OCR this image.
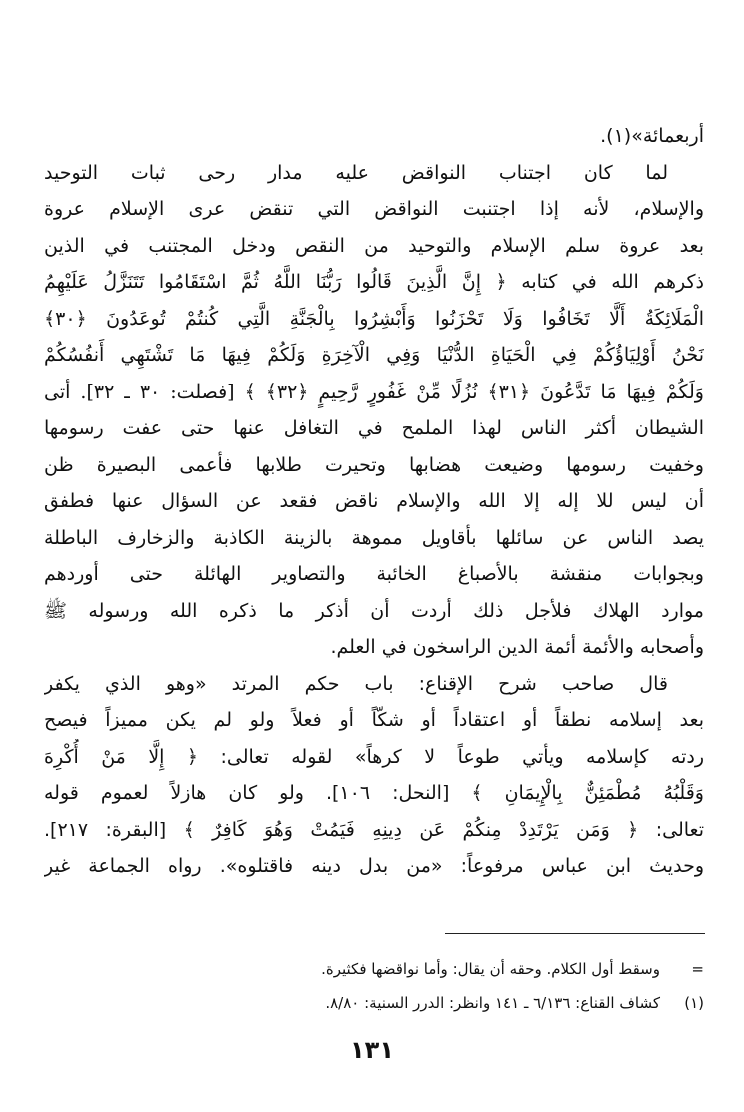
أربعمائة»(١).
لما كان اجتناب النواقض عليه مدار رحى ثبات التوحيد
والإسلام، لأنه إذا اجتنبت النواقض التي تنقض عرى الإسلام عروة
بعد عروة سلم الإسلام والتوحيد من النقص ودخل المجتنب في الذين
ذكرهم الله في كتابه ﴿ إِنَّ الَّذِينَ قَالُوا رَبُّنَا اللَّهُ ثُمَّ اسْتَقَامُوا تَتَنَزَّلُ عَلَيْهِمُ
الْمَلَائِكَةُ أَلَّا تَخَافُوا وَلَا تَحْزَنُوا وَأَبْشِرُوا بِالْجَنَّةِ الَّتِي كُنتُمْ تُوعَدُونَ ﴿٣٠﴾
نَحْنُ أَوْلِيَاؤُكُمْ فِي الْحَيَاةِ الدُّنْيَا وَفِي الْآخِرَةِ وَلَكُمْ فِيهَا مَا تَشْتَهِي أَنفُسُكُمْ
وَلَكُمْ فِيهَا مَا تَدَّعُونَ ﴿٣١﴾ نُزُلًا مِّنْ غَفُورٍ رَّحِيمٍ ﴿٣٢﴾ ﴾ [فصلت: ٣٠ ـ ٣٢]. أتى
الشيطان أكثر الناس لهذا الملمح في التغافل عنها حتى عفت رسومها
وخفيت رسومها وضيعت هضابها وتحيرت طلابها فأعمى البصيرة ظن
أن ليس للا إله إلا الله والإسلام ناقض فقعد عن السؤال عنها فطفق
يصد الناس عن سائلها بأقاويل مموهة بالزينة الكاذبة والزخارف الباطلة
وبجوابات منقشة بالأصباغ الخائبة والتصاوير الهائلة حتى أوردهم
موارد الهلاك فلأجل ذلك أردت أن أذكر ما ذكره الله ورسوله ﷺ
وأصحابه والأئمة أئمة الدين الراسخون في العلم.
قال صاحب شرح الإقناع: باب حكم المرتد «وهو الذي يكفر
بعد إسلامه نطقاً أو اعتقاداً أو شكّاً أو فعلاً ولو لم يكن مميزاً فيصح
ردته كإسلامه ويأتي طوعاً لا كرهاً» لقوله تعالى: ﴿ إِلَّا مَنْ أُكْرِهَ
وَقَلْبُهُ مُطْمَئِنٌّ بِالْإِيمَانِ ﴾ [النحل: ١٠٦]. ولو كان هازلاً لعموم قوله
تعالى: ﴿ وَمَن يَرْتَدِدْ مِنكُمْ عَن دِينِهِ فَيَمُتْ وَهُوَ كَافِرٌ ﴾ [البقرة: ٢١٧].
وحديث ابن عباس مرفوعاً: «من بدل دينه فاقتلوه». رواه الجماعة غير
=
وسقط أول الكلام. وحقه أن يقال: وأما نواقضها فكثيرة.
(١)
كشاف القناع: ٦/١٣٦ ـ ١٤١ وانظر: الدرر السنية: ٨/٨٠.
١٣١
